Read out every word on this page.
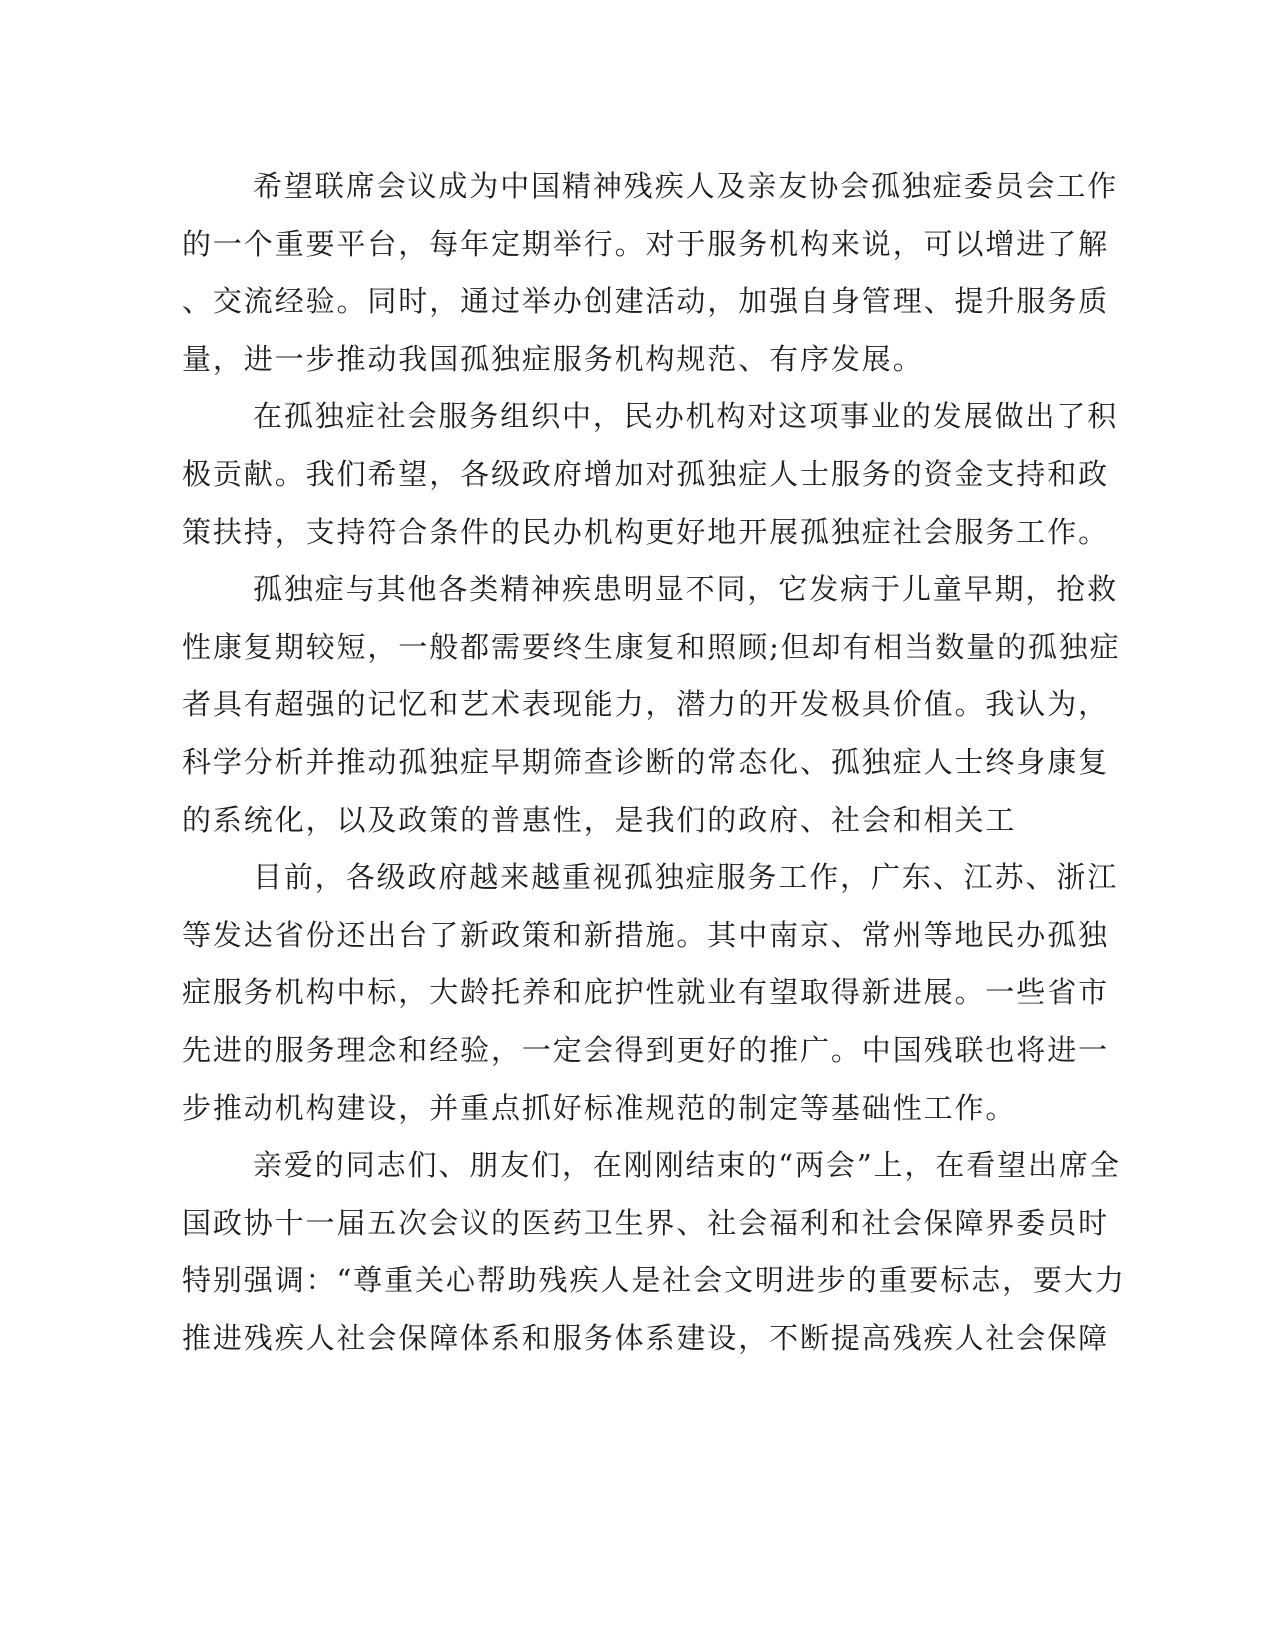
希望联席会议成为中国精神残疾人及亲友协会孤独症委员会工作
的一个重要平台，每年定期举行。对于服务机构来说，可以增进了解
、交流经验。同时，通过举办创建活动，加强自身管理、提升服务质
量，进一步推动我国孤独症服务机构规范、有序发展。
在孤独症社会服务组织中，民办机构对这项事业的发展做出了积
极贡献。我们希望，各级政府增加对孤独症人士服务的资金支持和政
策扶持，支持符合条件的民办机构更好地开展孤独症社会服务工作。
孤独症与其他各类精神疾患明显不同，它发病于儿童早期，抢救
性康复期较短，一般都需要终生康复和照顾;但却有相当数量的孤独症
者具有超强的记忆和艺术表现能力，潜力的开发极具价值。我认为，
科学分析并推动孤独症早期筛查诊断的常态化、孤独症人士终身康复
的系统化，以及政策的普惠性，是我们的政府、社会和相关工
目前，各级政府越来越重视孤独症服务工作，广东、江苏、浙江
等发达省份还出台了新政策和新措施。其中南京、常州等地民办孤独
症服务机构中标，大龄托养和庇护性就业有望取得新进展。一些省市
先进的服务理念和经验，一定会得到更好的推广。中国残联也将进一
步推动机构建设，并重点抓好标准规范的制定等基础性工作。
亲爱的同志们、朋友们，在刚刚结束的“两会”上，在看望出席全
国政协十一届五次会议的医药卫生界、社会福利和社会保障界委员时
特别强调：“尊重关心帮助残疾人是社会文明进步的重要标志，要大力
推进残疾人社会保障体系和服务体系建设，不断提高残疾人社会保障
